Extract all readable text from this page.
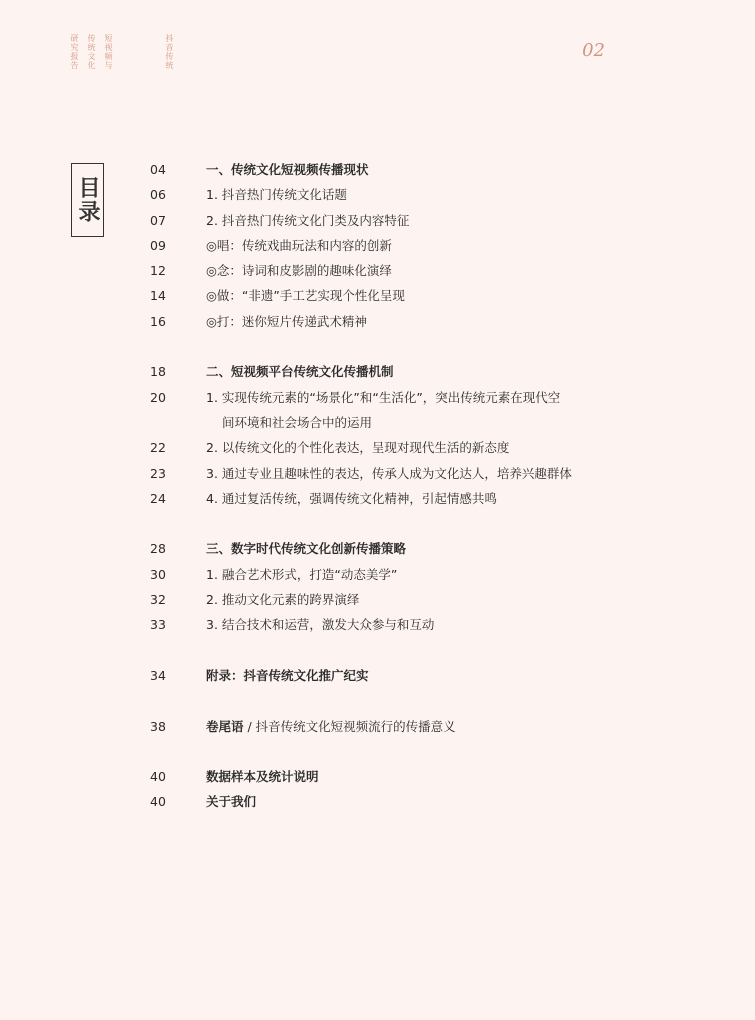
研究报告 传统文化 短视频与	抖音传统	02
目录
04	一、传统文化短视频传播现状
06	1. 抖音热门传统文化话题
07	2. 抖音热门传统文化门类及内容特征
09	◎唱：传统戏曲玩法和内容的创新
12	◎念：诗词和皮影剧的趣味化演绎
14	◎做：“非遗”手工艺实现个性化呈现
16	◎打：迷你短片传递武术精神
18	二、短视频平台传统文化传播机制
20	1. 实现传统元素的“场景化”和“生活化”，突出传统元素在现代空
间环境和社会场合中的运用
22	2. 以传统文化的个性化表达，呈现对现代生活的新态度
23	3. 通过专业且趣味性的表达，传承人成为文化达人，培养兴趣群体
24	4. 通过复活传统，强调传统文化精神，引起情感共鸣
28	三、数字时代传统文化创新传播策略
30	1. 融合艺术形式，打造“动态美学”
32	2. 推动文化元素的跨界演绎
33	3. 结合技术和运营，激发大众参与和互动
34	附录：抖音传统文化推广纪实
38	卷尾语 / 抖音传统文化短视频流行的传播意义
40	数据样本及统计说明
40	关于我们
